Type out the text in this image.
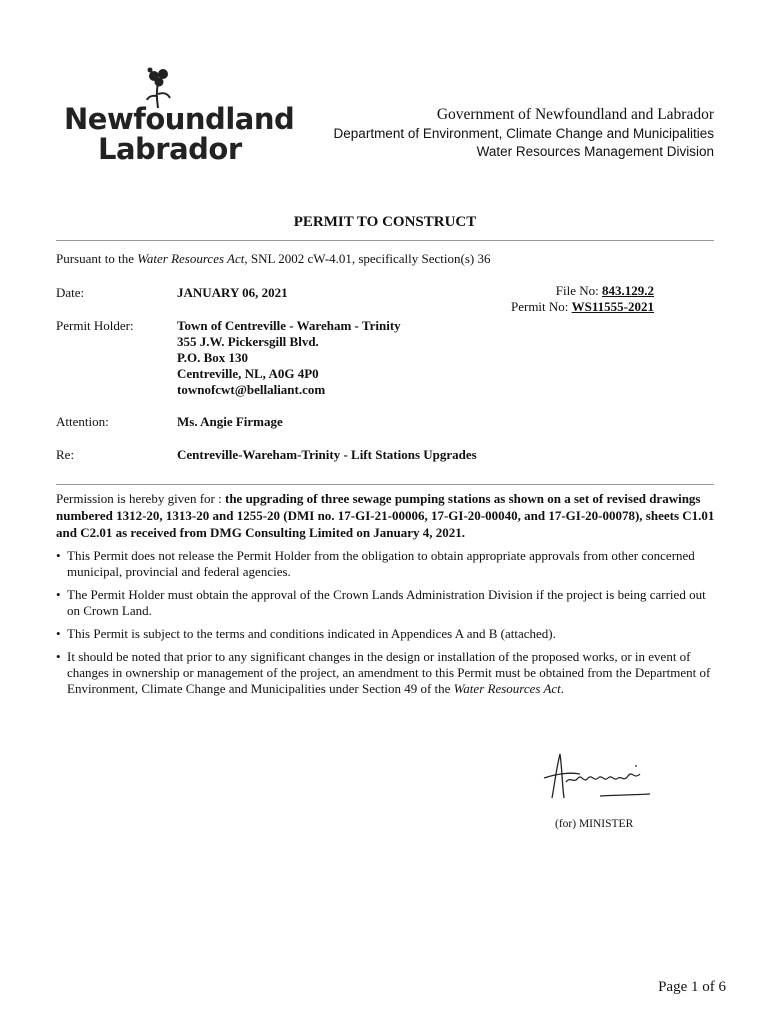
Newfoundland
Labrador
Government of Newfoundland and Labrador
Department of Environment, Climate Change and Municipalities
Water Resources Management Division
PERMIT TO CONSTRUCT
Pursuant to the Water Resources Act, SNL 2002 cW-4.01, specifically Section(s) 36
Date:	JANUARY 06, 2021	File No: 843.129.2
Permit No: WS11555-2021
Permit Holder:	Town of Centreville - Wareham - Trinity
355 J.W. Pickersgill Blvd.
P.O. Box 130
Centreville, NL, A0G 4P0
townofcwt@bellaliant.com
Attention:	Ms. Angie Firmage
Re:	Centreville-Wareham-Trinity - Lift Stations Upgrades
Permission is hereby given for : the upgrading of three sewage pumping stations as shown on a set of revised drawings numbered 1312-20, 1313-20 and 1255-20 (DMI no. 17-GI-21-00006, 17-GI-20-00040, and 17-GI-20-00078), sheets C1.01 and C2.01 as received from DMG Consulting Limited on January 4, 2021.
• This Permit does not release the Permit Holder from the obligation to obtain appropriate approvals from other concerned municipal, provincial and federal agencies.
• The Permit Holder must obtain the approval of the Crown Lands Administration Division if the project is being carried out on Crown Land.
• This Permit is subject to the terms and conditions indicated in Appendices A and B (attached).
• It should be noted that prior to any significant changes in the design or installation of the proposed works, or in event of changes in ownership or management of the project, an amendment to this Permit must be obtained from the Department of Environment, Climate Change and Municipalities under Section 49 of the Water Resources Act.
(for) MINISTER
Page 1 of 6
